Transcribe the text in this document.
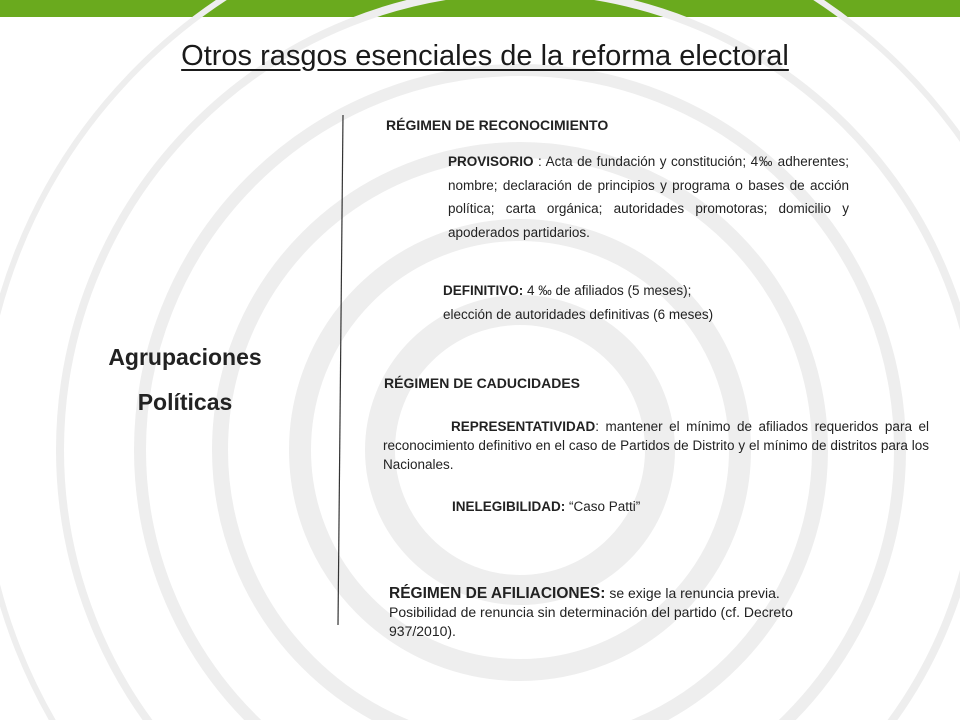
Otros rasgos esenciales de la reforma electoral
Agrupaciones
Políticas
RÉGIMEN DE RECONOCIMIENTO
PROVISORIO : Acta de fundación y constitución; 4‰ adherentes; nombre; declaración de principios y programa o bases de acción política; carta orgánica; autoridades promotoras; domicilio y apoderados partidarios.
DEFINITIVO: 4 ‰ de afiliados (5 meses);
elección de autoridades definitivas (6 meses)
RÉGIMEN DE CADUCIDADES
REPRESENTATIVIDAD: mantener el mínimo de afiliados requeridos para el reconocimiento definitivo en el caso de Partidos de Distrito y el mínimo de distritos para los Nacionales.
INELEGIBILIDAD: “Caso Patti”
RÉGIMEN DE AFILIACIONES: se exige la renuncia previa. Posibilidad de renuncia sin determinación del partido (cf. Decreto 937/2010).
